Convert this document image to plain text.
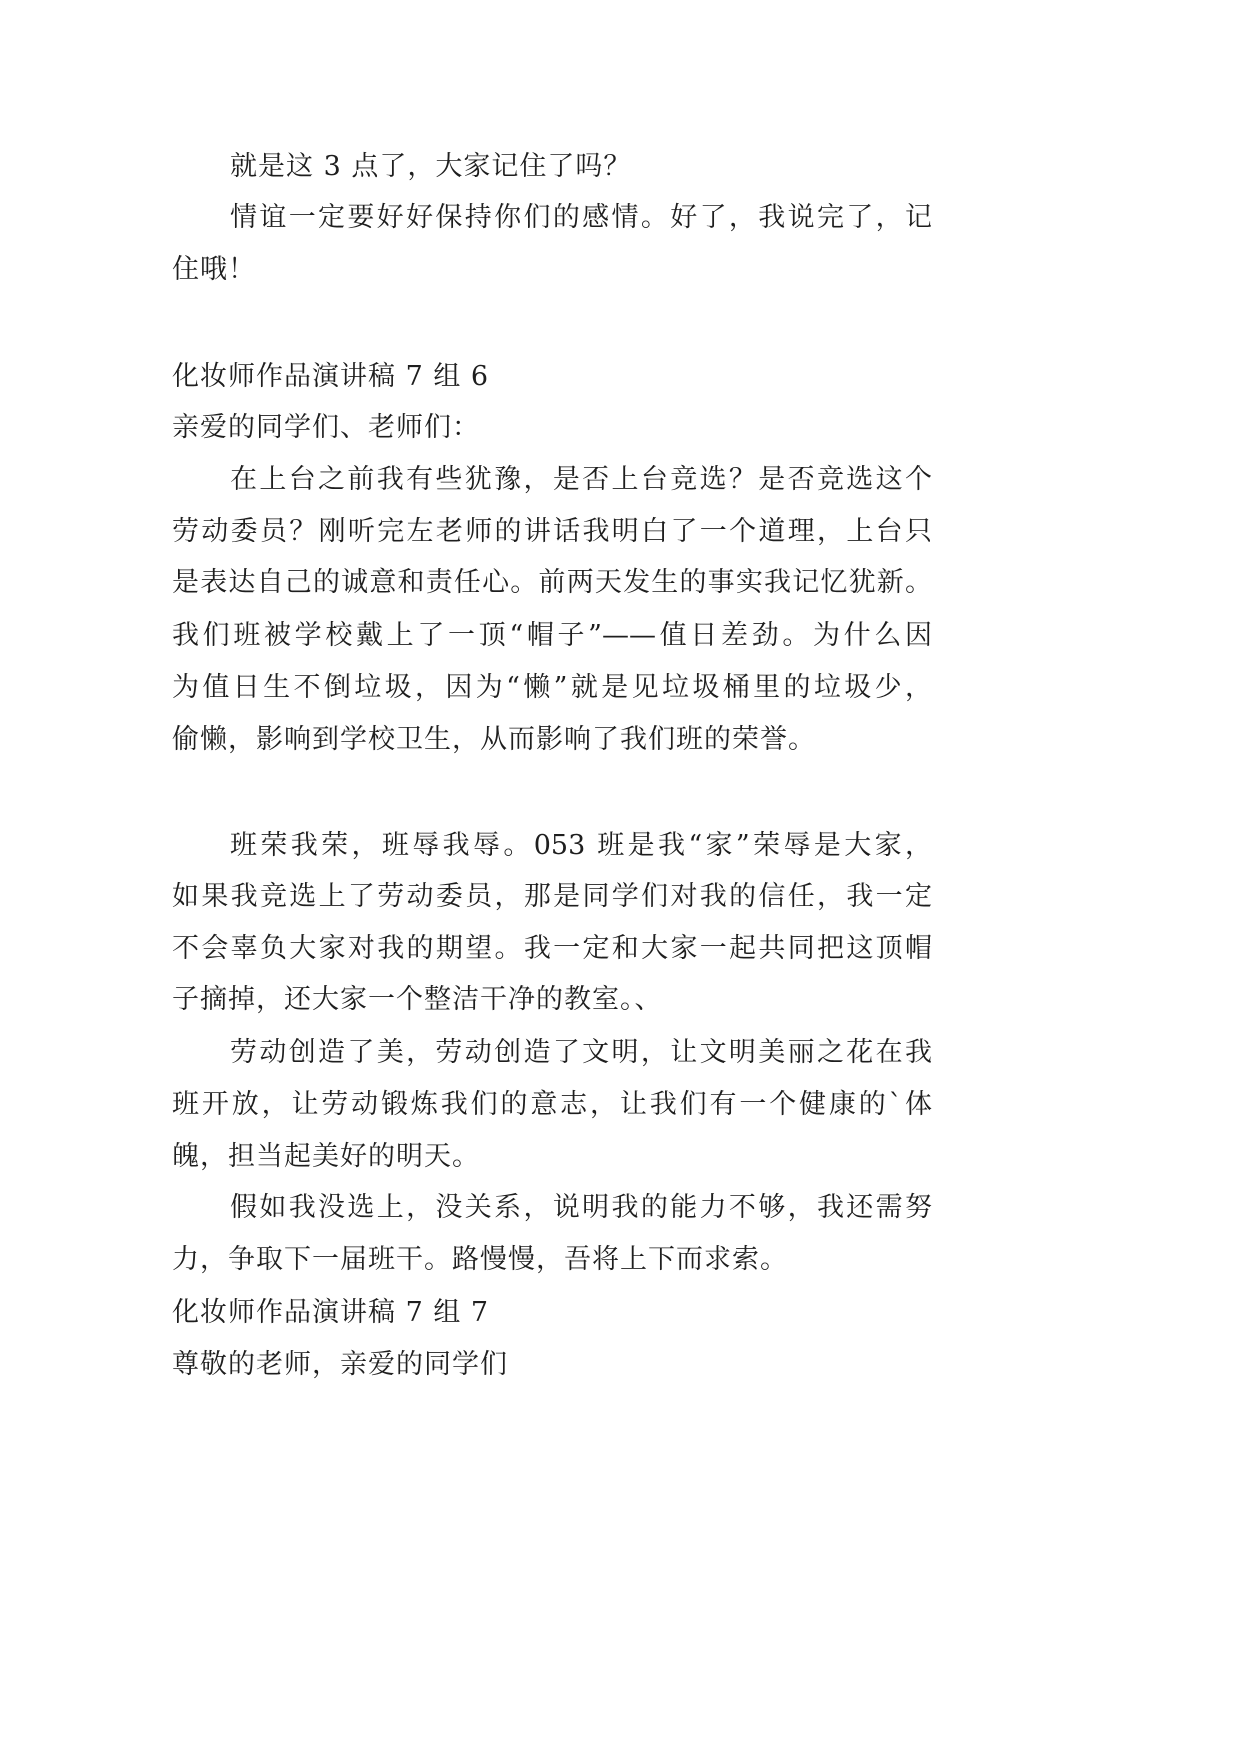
就是这 3 点了，大家记住了吗？
情谊一定要好好保持你们的感情。好了，我说完了，记
住哦！
化妆师作品演讲稿 7 组 6
亲爱的同学们、老师们：
在上台之前我有些犹豫，是否上台竞选？是否竞选这个
劳动委员？刚听完左老师的讲话我明白了一个道理，上台只
是表达自己的诚意和责任心。前两天发生的事实我记忆犹新。
我们班被学校戴上了一顶“帽子”——值日差劲。为什么因
为值日生不倒垃圾，因为“懒”就是见垃圾桶里的垃圾少，
偷懒，影响到学校卫生，从而影响了我们班的荣誉。
班荣我荣，班辱我辱。053 班是我“家”荣辱是大家，
如果我竞选上了劳动委员，那是同学们对我的信任，我一定
不会辜负大家对我的期望。我一定和大家一起共同把这顶帽
子摘掉，还大家一个整洁干净的教室。、
劳动创造了美，劳动创造了文明，让文明美丽之花在我
班开放，让劳动锻炼我们的意志，让我们有一个健康的`体
魄，担当起美好的明天。
假如我没选上，没关系，说明我的能力不够，我还需努
力，争取下一届班干。路慢慢，吾将上下而求索。
化妆师作品演讲稿 7 组 7
尊敬的老师，亲爱的同学们
